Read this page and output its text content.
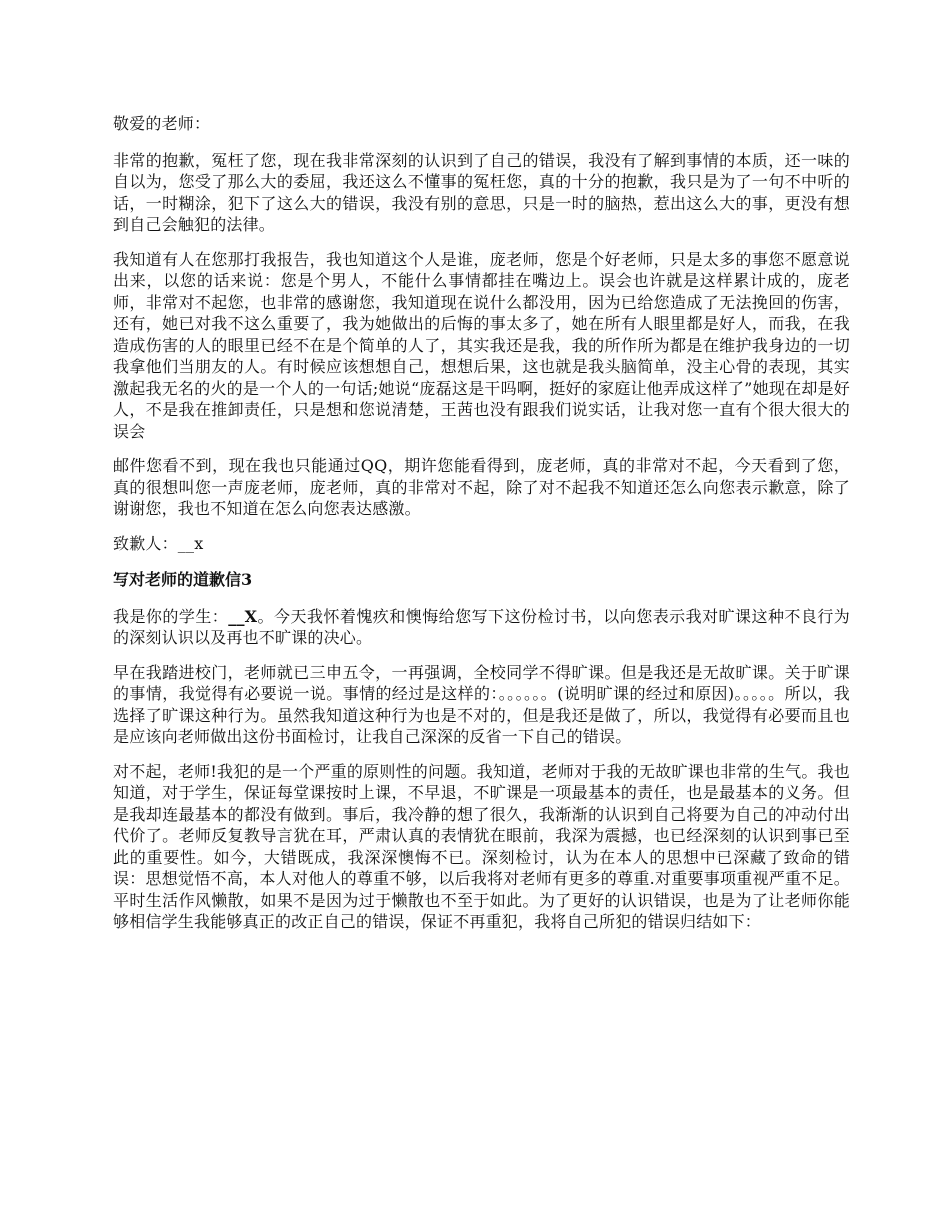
敬爱的老师：

非常的抱歉，冤枉了您，现在我非常深刻的认识到了自己的错误，我没有了解到事情的本质，还一味的自以为，您受了那么大的委屈，我还这么不懂事的冤枉您，真的十分的抱歉，我只是为了一句不中听的话，一时糊涂，犯下了这么大的错误，我没有别的意思，只是一时的脑热，惹出这么大的事，更没有想到自己会触犯的法律。

我知道有人在您那打我报告，我也知道这个人是谁，庞老师，您是个好老师，只是太多的事您不愿意说出来，以您的话来说：您是个男人，不能什么事情都挂在嘴边上。误会也许就是这样累计成的，庞老师，非常对不起您，也非常的感谢您，我知道现在说什么都没用，因为已给您造成了无法挽回的伤害，还有，她已对我不这么重要了，我为她做出的后悔的事太多了，她在所有人眼里都是好人，而我，在我造成伤害的人的眼里已经不在是个简单的人了，其实我还是我，我的所作所为都是在维护我身边的一切我拿他们当朋友的人。有时候应该想想自己，想想后果，这也就是我头脑简单，没主心骨的表现，其实激起我无名的火的是一个人的一句话;她说“庞磊这是干吗啊，挺好的家庭让他弄成这样了”她现在却是好人，不是我在推卸责任，只是想和您说清楚，王茜也没有跟我们说实话，让我对您一直有个很大很大的误会

邮件您看不到，现在我也只能通过QQ，期许您能看得到，庞老师，真的非常对不起，今天看到了您，真的很想叫您一声庞老师，庞老师，真的非常对不起，除了对不起我不知道还怎么向您表示歉意，除了谢谢您，我也不知道在怎么向您表达感激。

致歉人：__x

写对老师的道歉信3

我是你的学生：__X。今天我怀着愧疚和懊悔给您写下这份检讨书，以向您表示我对旷课这种不良行为的深刻认识以及再也不旷课的决心。

早在我踏进校门，老师就已三申五令，一再强调，全校同学不得旷课。但是我还是无故旷课。关于旷课的事情，我觉得有必要说一说。事情的经过是这样的：。。。。。。(说明旷课的经过和原因)。。。。。所以，我选择了旷课这种行为。虽然我知道这种行为也是不对的，但是我还是做了，所以，我觉得有必要而且也是应该向老师做出这份书面检讨，让我自己深深的反省一下自己的错误。

对不起，老师!我犯的是一个严重的原则性的问题。我知道，老师对于我的无故旷课也非常的生气。我也知道，对于学生，保证每堂课按时上课，不早退，不旷课是一项最基本的责任，也是最基本的义务。但是我却连最基本的都没有做到。事后，我冷静的想了很久，我渐渐的认识到自己将要为自己的冲动付出代价了。老师反复教导言犹在耳，严肃认真的表情犹在眼前，我深为震撼，也已经深刻的认识到事已至此的重要性。如今，大错既成，我深深懊悔不已。深刻检讨，认为在本人的思想中已深藏了致命的错误：思想觉悟不高，本人对他人的尊重不够，以后我将对老师有更多的尊重.对重要事项重视严重不足。平时生活作风懒散，如果不是因为过于懒散也不至于如此。为了更好的认识错误，也是为了让老师你能够相信学生我能够真正的改正自己的错误，保证不再重犯，我将自己所犯的错误归结如下：
